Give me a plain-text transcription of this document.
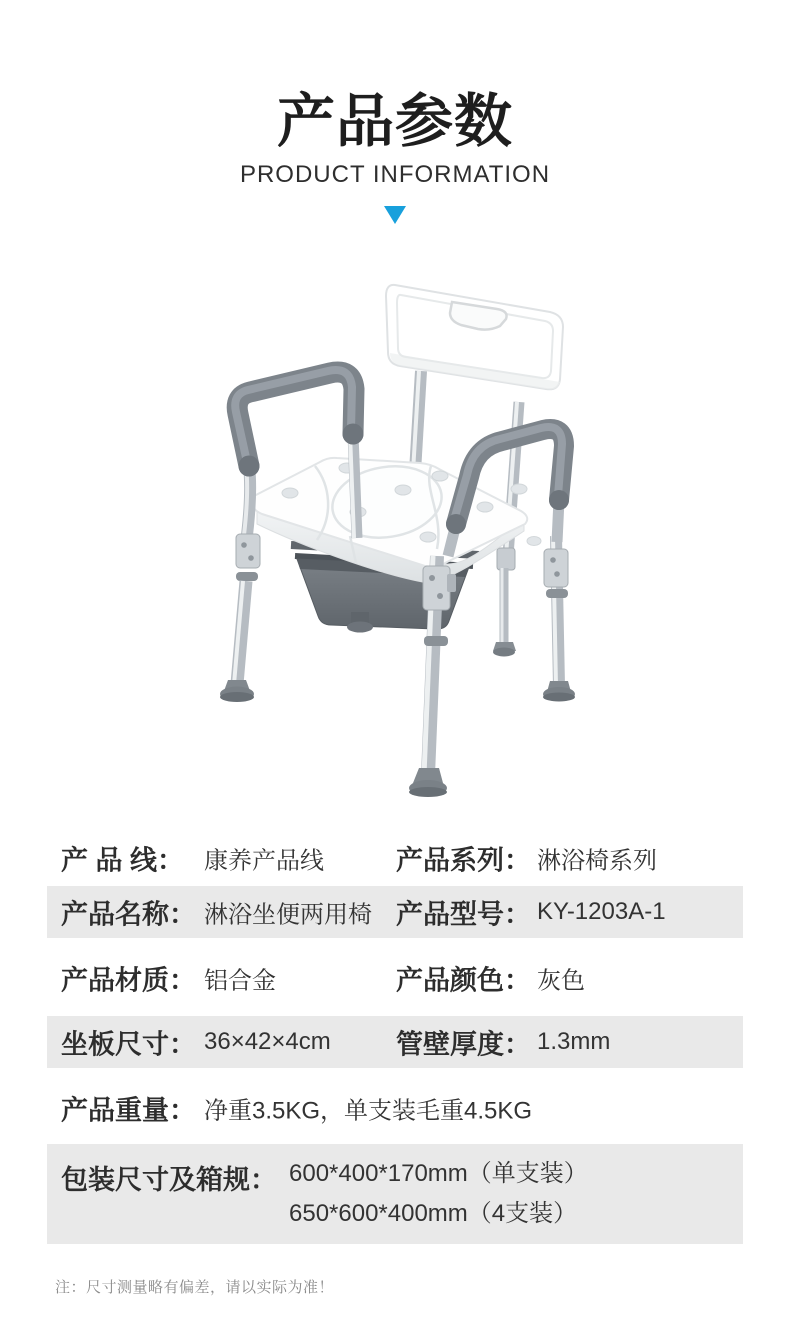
产品参数
PRODUCT INFORMATION
产 品 线： 康养产品线	产品系列： 淋浴椅系列
产品名称： 淋浴坐便两用椅 产品型号： KY-1203A-1
产品材质： 铝合金	产品颜色： 灰色
坐板尺寸： 36×42×4cm 管壁厚度： 1.3mm
产品重量： 净重3.5KG，单支装毛重4.5KG
包装尺寸及箱规： 600*400*170mm（单支装）
650*600*400mm（4支装）
注：尺寸测量略有偏差，请以实际为准！
